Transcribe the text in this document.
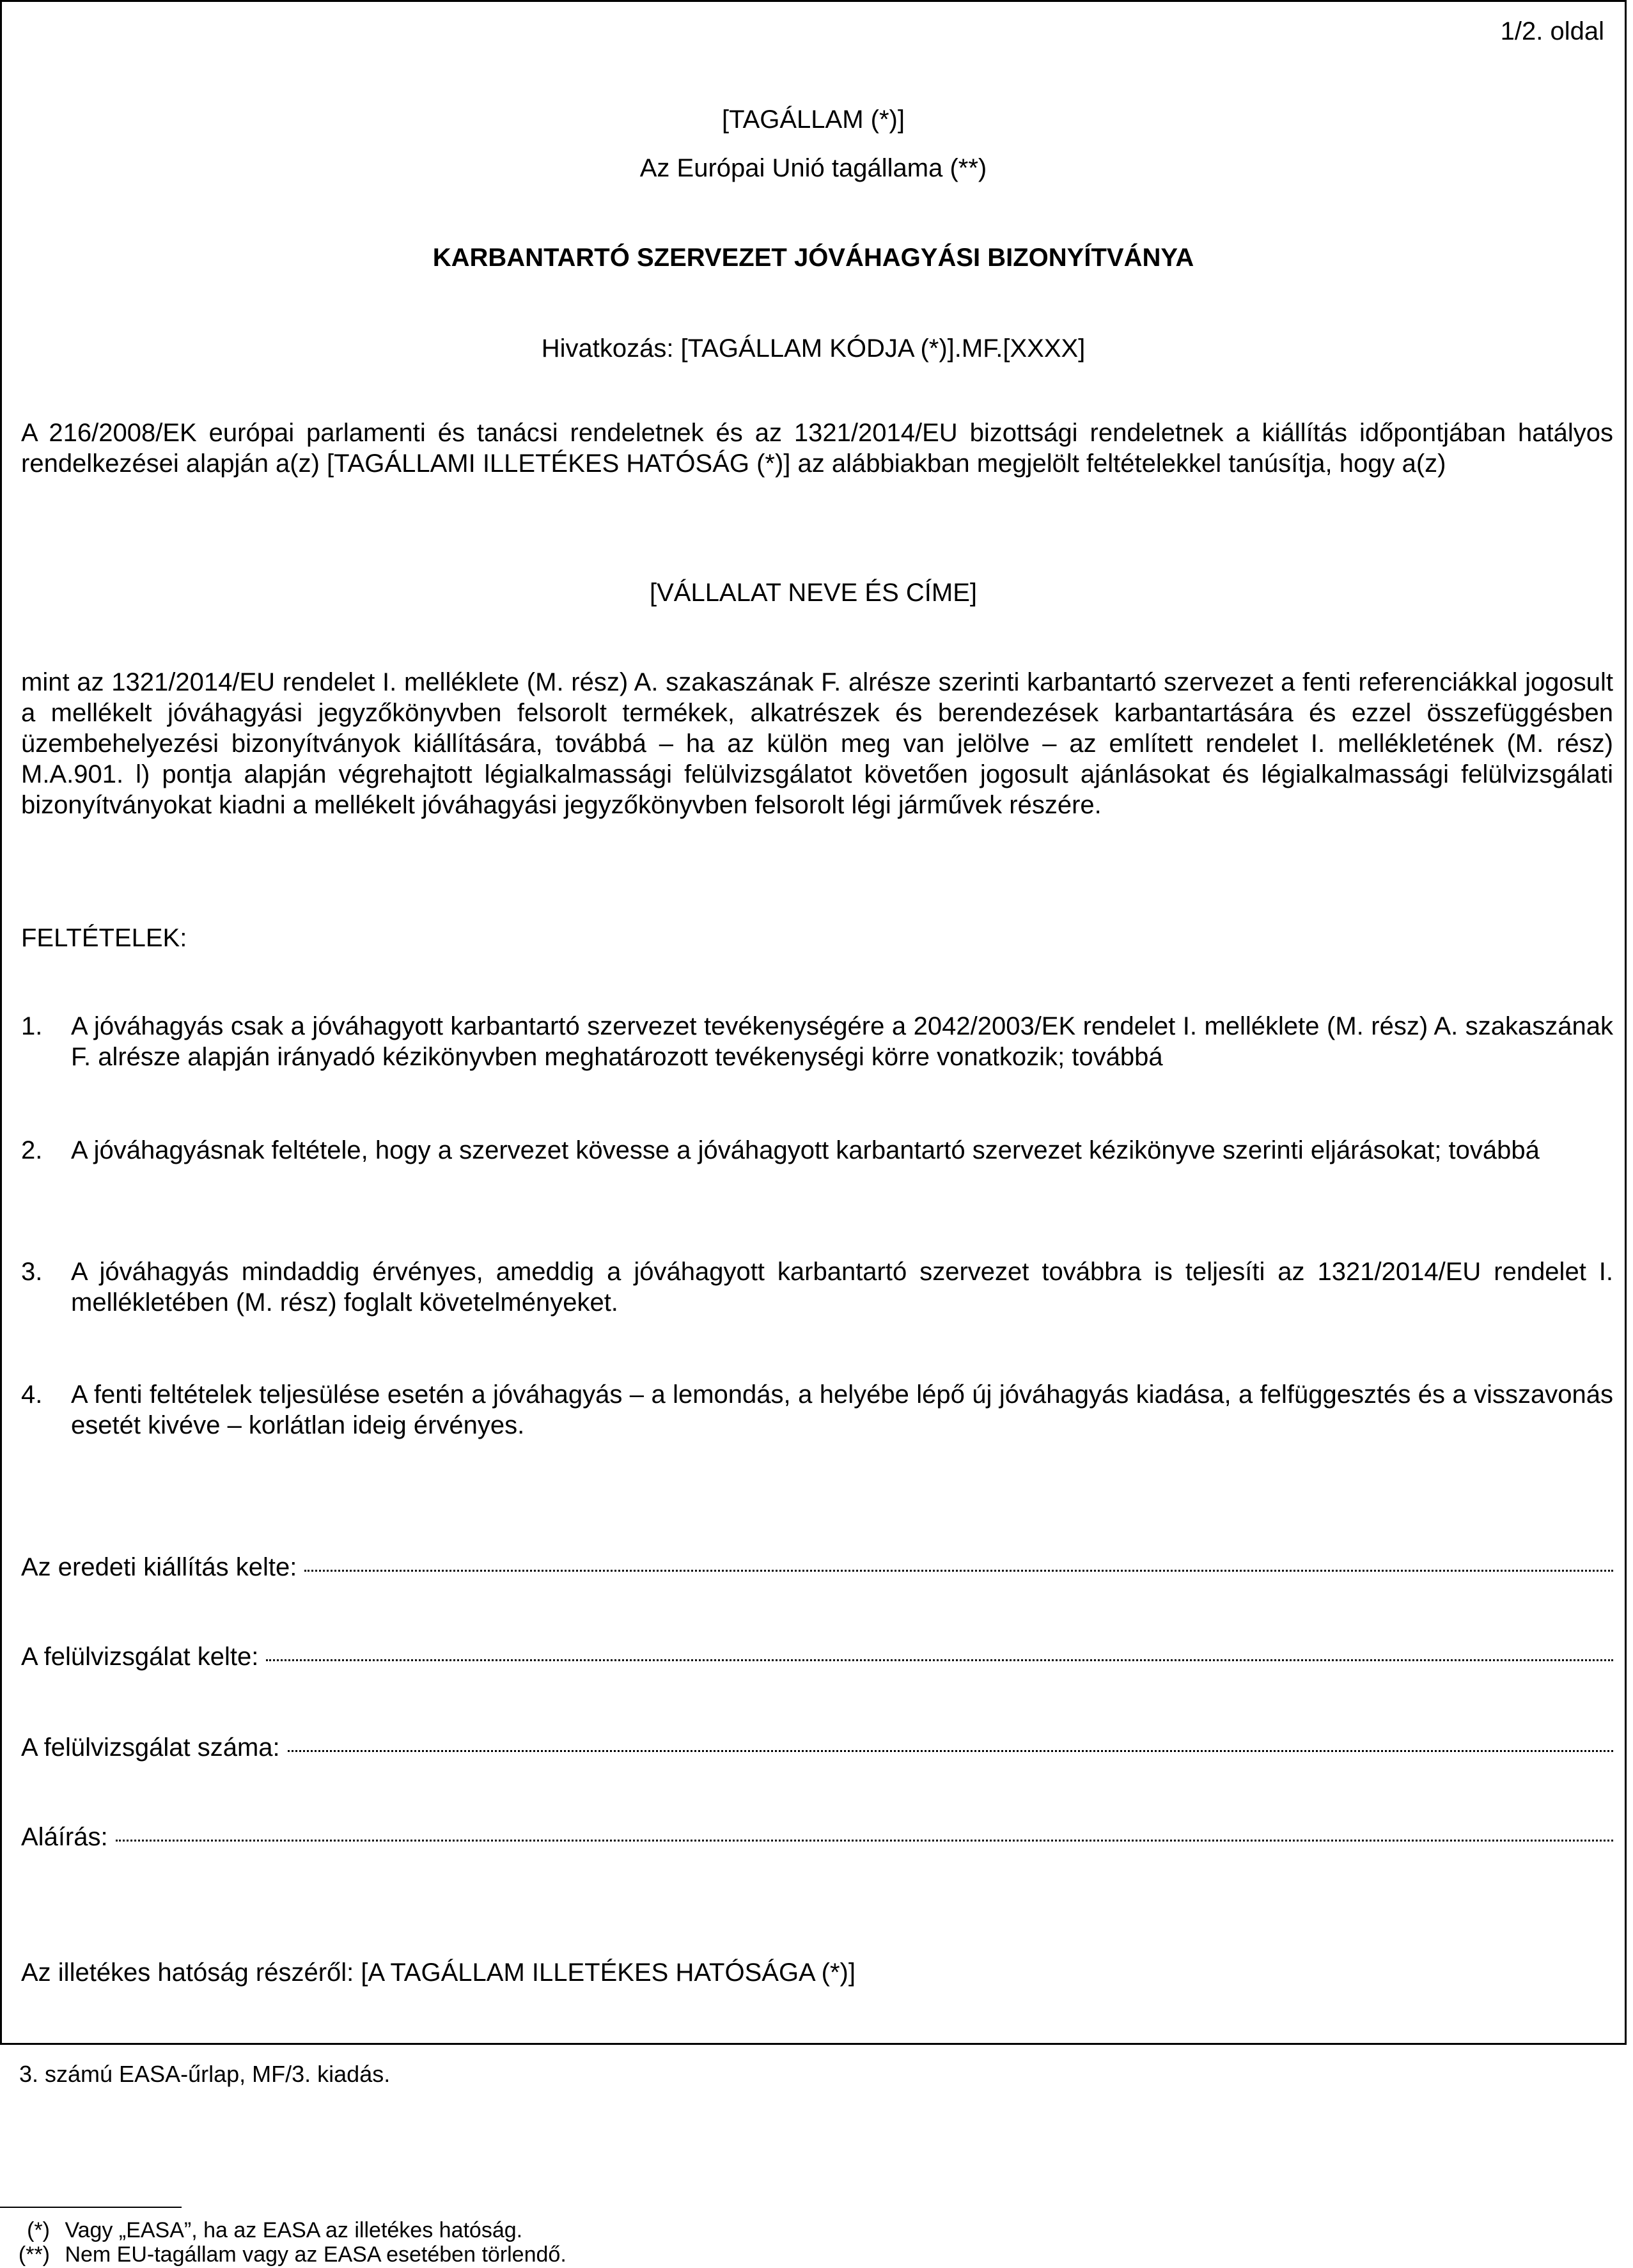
1/2. oldal
[TAGÁLLAM (*)]
Az Európai Unió tagállama (**)
KARBANTARTÓ SZERVEZET JÓVÁHAGYÁSI BIZONYÍTVÁNYA
Hivatkozás: [TAGÁLLAM KÓDJA (*)].MF.[XXXX]
A 216/2008/EK európai parlamenti és tanácsi rendeletnek és az 1321/2014/EU bizottsági rendeletnek a kiállítás időpontjában hatályos rendelkezései alapján a(z) [TAGÁLLAMI ILLETÉKES HATÓSÁG (*)] az alábbiakban megjelölt feltételekkel tanúsítja, hogy a(z)
[VÁLLALAT NEVE ÉS CÍME]
mint az 1321/2014/EU rendelet I. melléklete (M. rész) A. szakaszának F. alrésze szerinti karbantartó szervezet a fenti referenciákkal jogosult a mellékelt jóváhagyási jegyzőkönyvben felsorolt termékek, alkatrészek és berendezések karbantartására és ezzel összefüggésben üzembehelyezési bizonyítványok kiállítására, továbbá – ha az külön meg van jelölve – az említett rendelet I. mellékletének (M. rész) M.A.901. l) pontja alapján végrehajtott légialkalmassági felülvizsgálatot követően jogosult ajánlásokat és légialkalmassági felülvizsgálati bizonyítványokat kiadni a mellékelt jóváhagyási jegyzőkönyvben felsorolt légi járművek részére.
FELTÉTELEK:
1. A jóváhagyás csak a jóváhagyott karbantartó szervezet tevékenységére a 2042/2003/EK rendelet I. melléklete (M. rész) A. szakaszának F. alrésze alapján irányadó kézikönyvben meghatározott tevékenységi körre vonatkozik; továbbá
2. A jóváhagyásnak feltétele, hogy a szervezet kövesse a jóváhagyott karbantartó szervezet kézikönyve szerinti eljárásokat; továbbá
3. A jóváhagyás mindaddig érvényes, ameddig a jóváhagyott karbantartó szervezet továbbra is teljesíti az 1321/2014/EU rendelet I. mellékletében (M. rész) foglalt követelményeket.
4. A fenti feltételek teljesülése esetén a jóváhagyás – a lemondás, a helyébe lépő új jóváhagyás kiadása, a felfüggesztés és a visszavonás esetét kivéve – korlátlan ideig érvényes.
Az eredeti kiállítás kelte:
A felülvizsgálat kelte:
A felülvizsgálat száma:
Aláírás:
Az illetékes hatóság részéről: [A TAGÁLLAM ILLETÉKES HATÓSÁGA (*)]
3. számú EASA-űrlap, MF/3. kiadás.
(*) Vagy „EASA”, ha az EASA az illetékes hatóság.
(**) Nem EU-tagállam vagy az EASA esetében törlendő.
